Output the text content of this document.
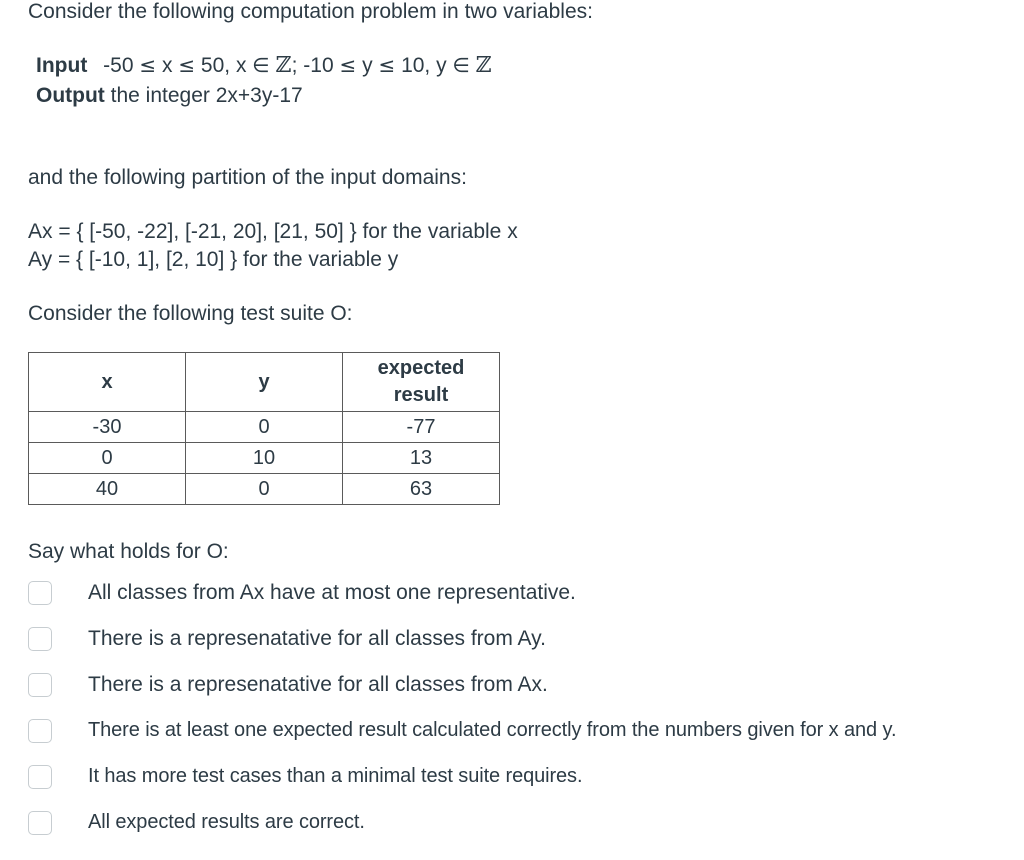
Consider the following computation problem in two variables:
Input -50 ≤ x ≤ 50, x ∈ ℤ; -10 ≤ y ≤ 10, y ∈ ℤ
Output the integer 2x+3y-17
and the following partition of the input domains:
Ax = { [-50, -22], [-21, 20], [21, 50] } for the variable x
Ay = { [-10, 1], [2, 10] } for the variable y
Consider the following test suite O:
x	y	expected
result
-30	0	-77
0	10	13
40	0	63
Say what holds for O:
All classes from Ax have at most one representative.
There is a represenatative for all classes from Ay.
There is a represenatative for all classes from Ax.
There is at least one expected result calculated correctly from the numbers given for x and y.
It has more test cases than a minimal test suite requires.
All expected results are correct.
